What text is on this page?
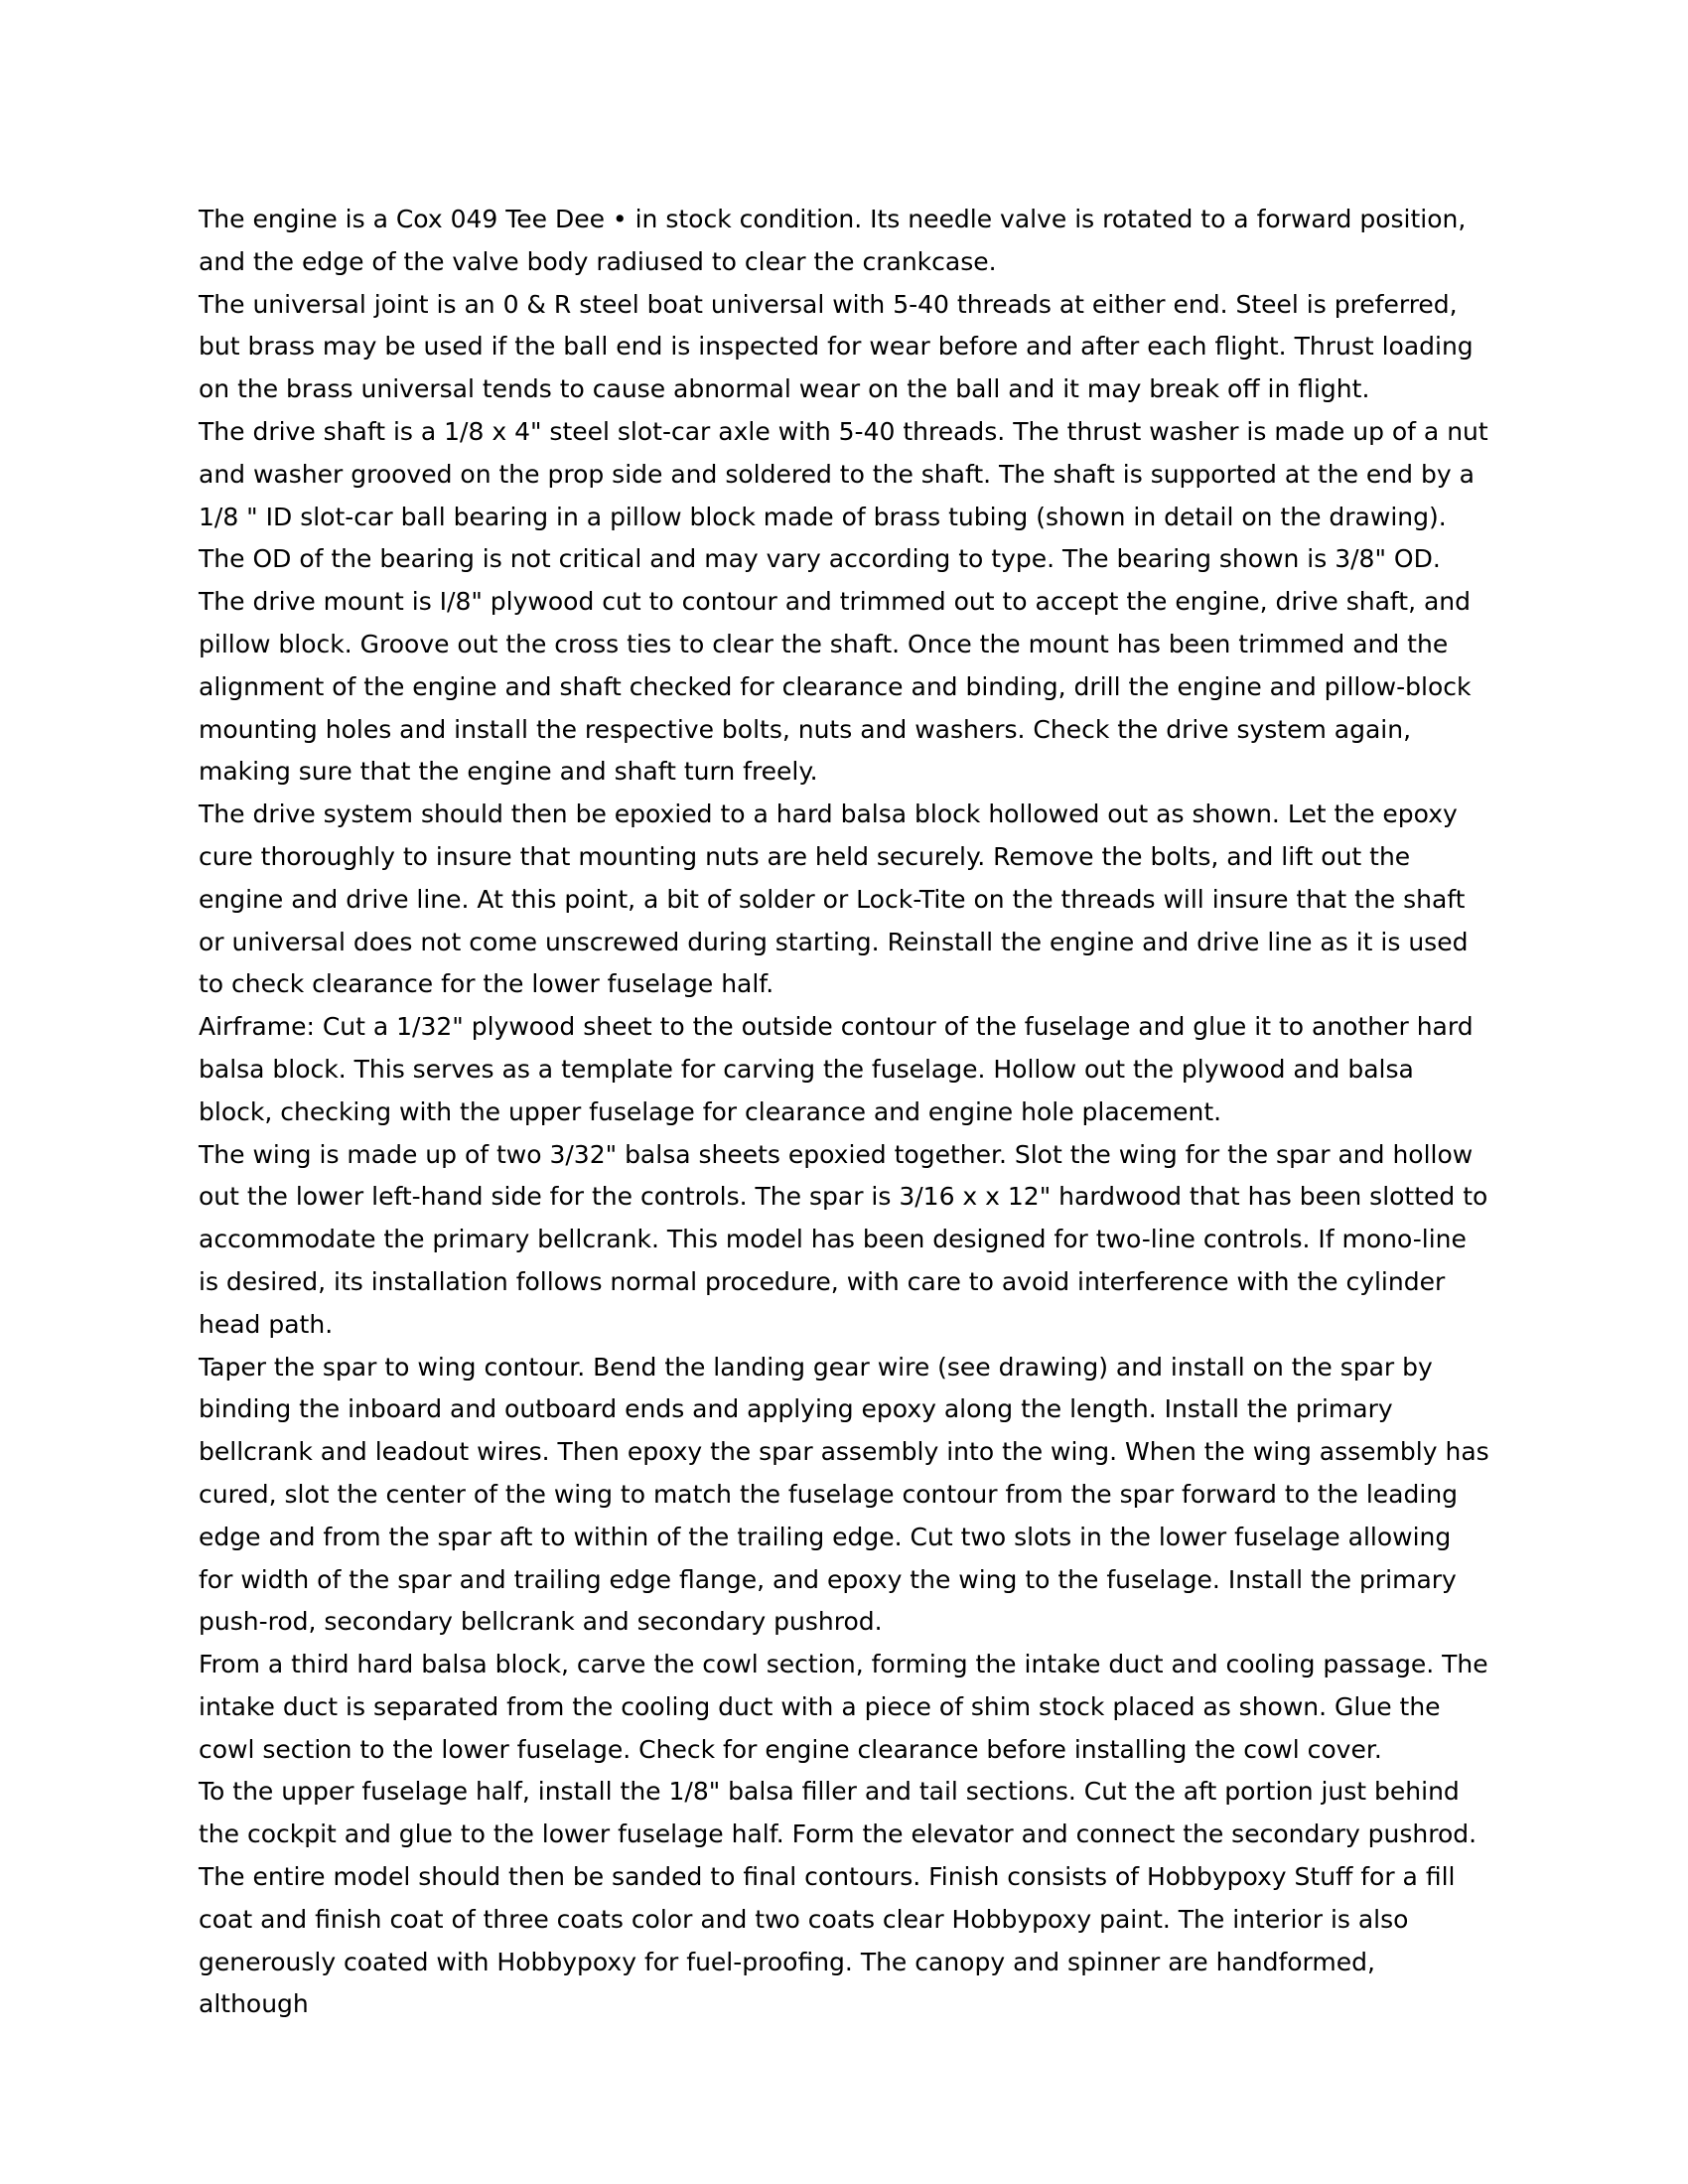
The engine is a Cox 049 Tee Dee • in stock condition. Its needle valve is rotated to a forward position, and the edge of the valve body radiused to clear the crankcase.

The universal joint is an 0 & R steel boat universal with 5-40 threads at either end. Steel is preferred, but brass may be used if the ball end is inspected for wear before and after each flight. Thrust loading on the brass universal tends to cause abnormal wear on the ball and it may break off in flight.

The drive shaft is a 1/8 x 4" steel slot-car axle with 5-40 threads. The thrust washer is made up of a nut and washer grooved on the prop side and soldered to the shaft. The shaft is supported at the end by a 1/8 " ID slot-car ball bearing in a pillow block made of brass tubing (shown in detail on the drawing). The OD of the bearing is not critical and may vary according to type. The bearing shown is 3/8" OD.

The drive mount is I/8" plywood cut to contour and trimmed out to accept the engine, drive shaft, and pillow block. Groove out the cross ties to clear the shaft. Once the mount has been trimmed and the alignment of the engine and shaft checked for clearance and binding, drill the engine and pillow-block mounting holes and install the respective bolts, nuts and washers. Check the drive system again, making sure that the engine and shaft turn freely.

The drive system should then be epoxied to a hard balsa block hollowed out as shown. Let the epoxy cure thoroughly to insure that mounting nuts are held securely. Remove the bolts, and lift out the engine and drive line. At this point, a bit of solder or Lock-Tite on the threads will insure that the shaft or universal does not come unscrewed during starting. Reinstall the engine and drive line as it is used to check clearance for the lower fuselage half.

Airframe: Cut a 1/32" plywood sheet to the outside contour of the fuselage and glue it to another hard balsa block. This serves as a template for carving the fuselage. Hollow out the plywood and balsa block, checking with the upper fuselage for clearance and engine hole placement.

The wing is made up of two 3/32" balsa sheets epoxied together. Slot the wing for the spar and hollow out the lower left-hand side for the controls. The spar is 3/16 x x 12" hardwood that has been slotted to accommodate the primary bellcrank. This model has been designed for two-line controls. If mono-line is desired, its installation follows normal procedure, with care to avoid interference with the cylinder head path.

Taper the spar to wing contour. Bend the landing gear wire (see drawing) and install on the spar by binding the inboard and outboard ends and applying epoxy along the length. Install the primary bellcrank and leadout wires. Then epoxy the spar assembly into the wing. When the wing assembly has cured, slot the center of the wing to match the fuselage contour from the spar forward to the leading edge and from the spar aft to within of the trailing edge. Cut two slots in the lower fuselage allowing for width of the spar and trailing edge flange, and epoxy the wing to the fuselage. Install the primary push-rod, secondary bellcrank and secondary pushrod.

From a third hard balsa block, carve the cowl section, forming the intake duct and cooling passage. The intake duct is separated from the cooling duct with a piece of shim stock placed as shown. Glue the cowl section to the lower fuselage. Check for engine clearance before installing the cowl cover.

To the upper fuselage half, install the 1/8" balsa filler and tail sections. Cut the aft portion just behind the cockpit and glue to the lower fuselage half. Form the elevator and connect the secondary pushrod. The entire model should then be sanded to final contours. Finish consists of Hobbypoxy Stuff for a fill coat and finish coat of three coats color and two coats clear Hobbypoxy paint. The interior is also generously coated with Hobbypoxy for fuel-proofing. The canopy and spinner are handformed, although
